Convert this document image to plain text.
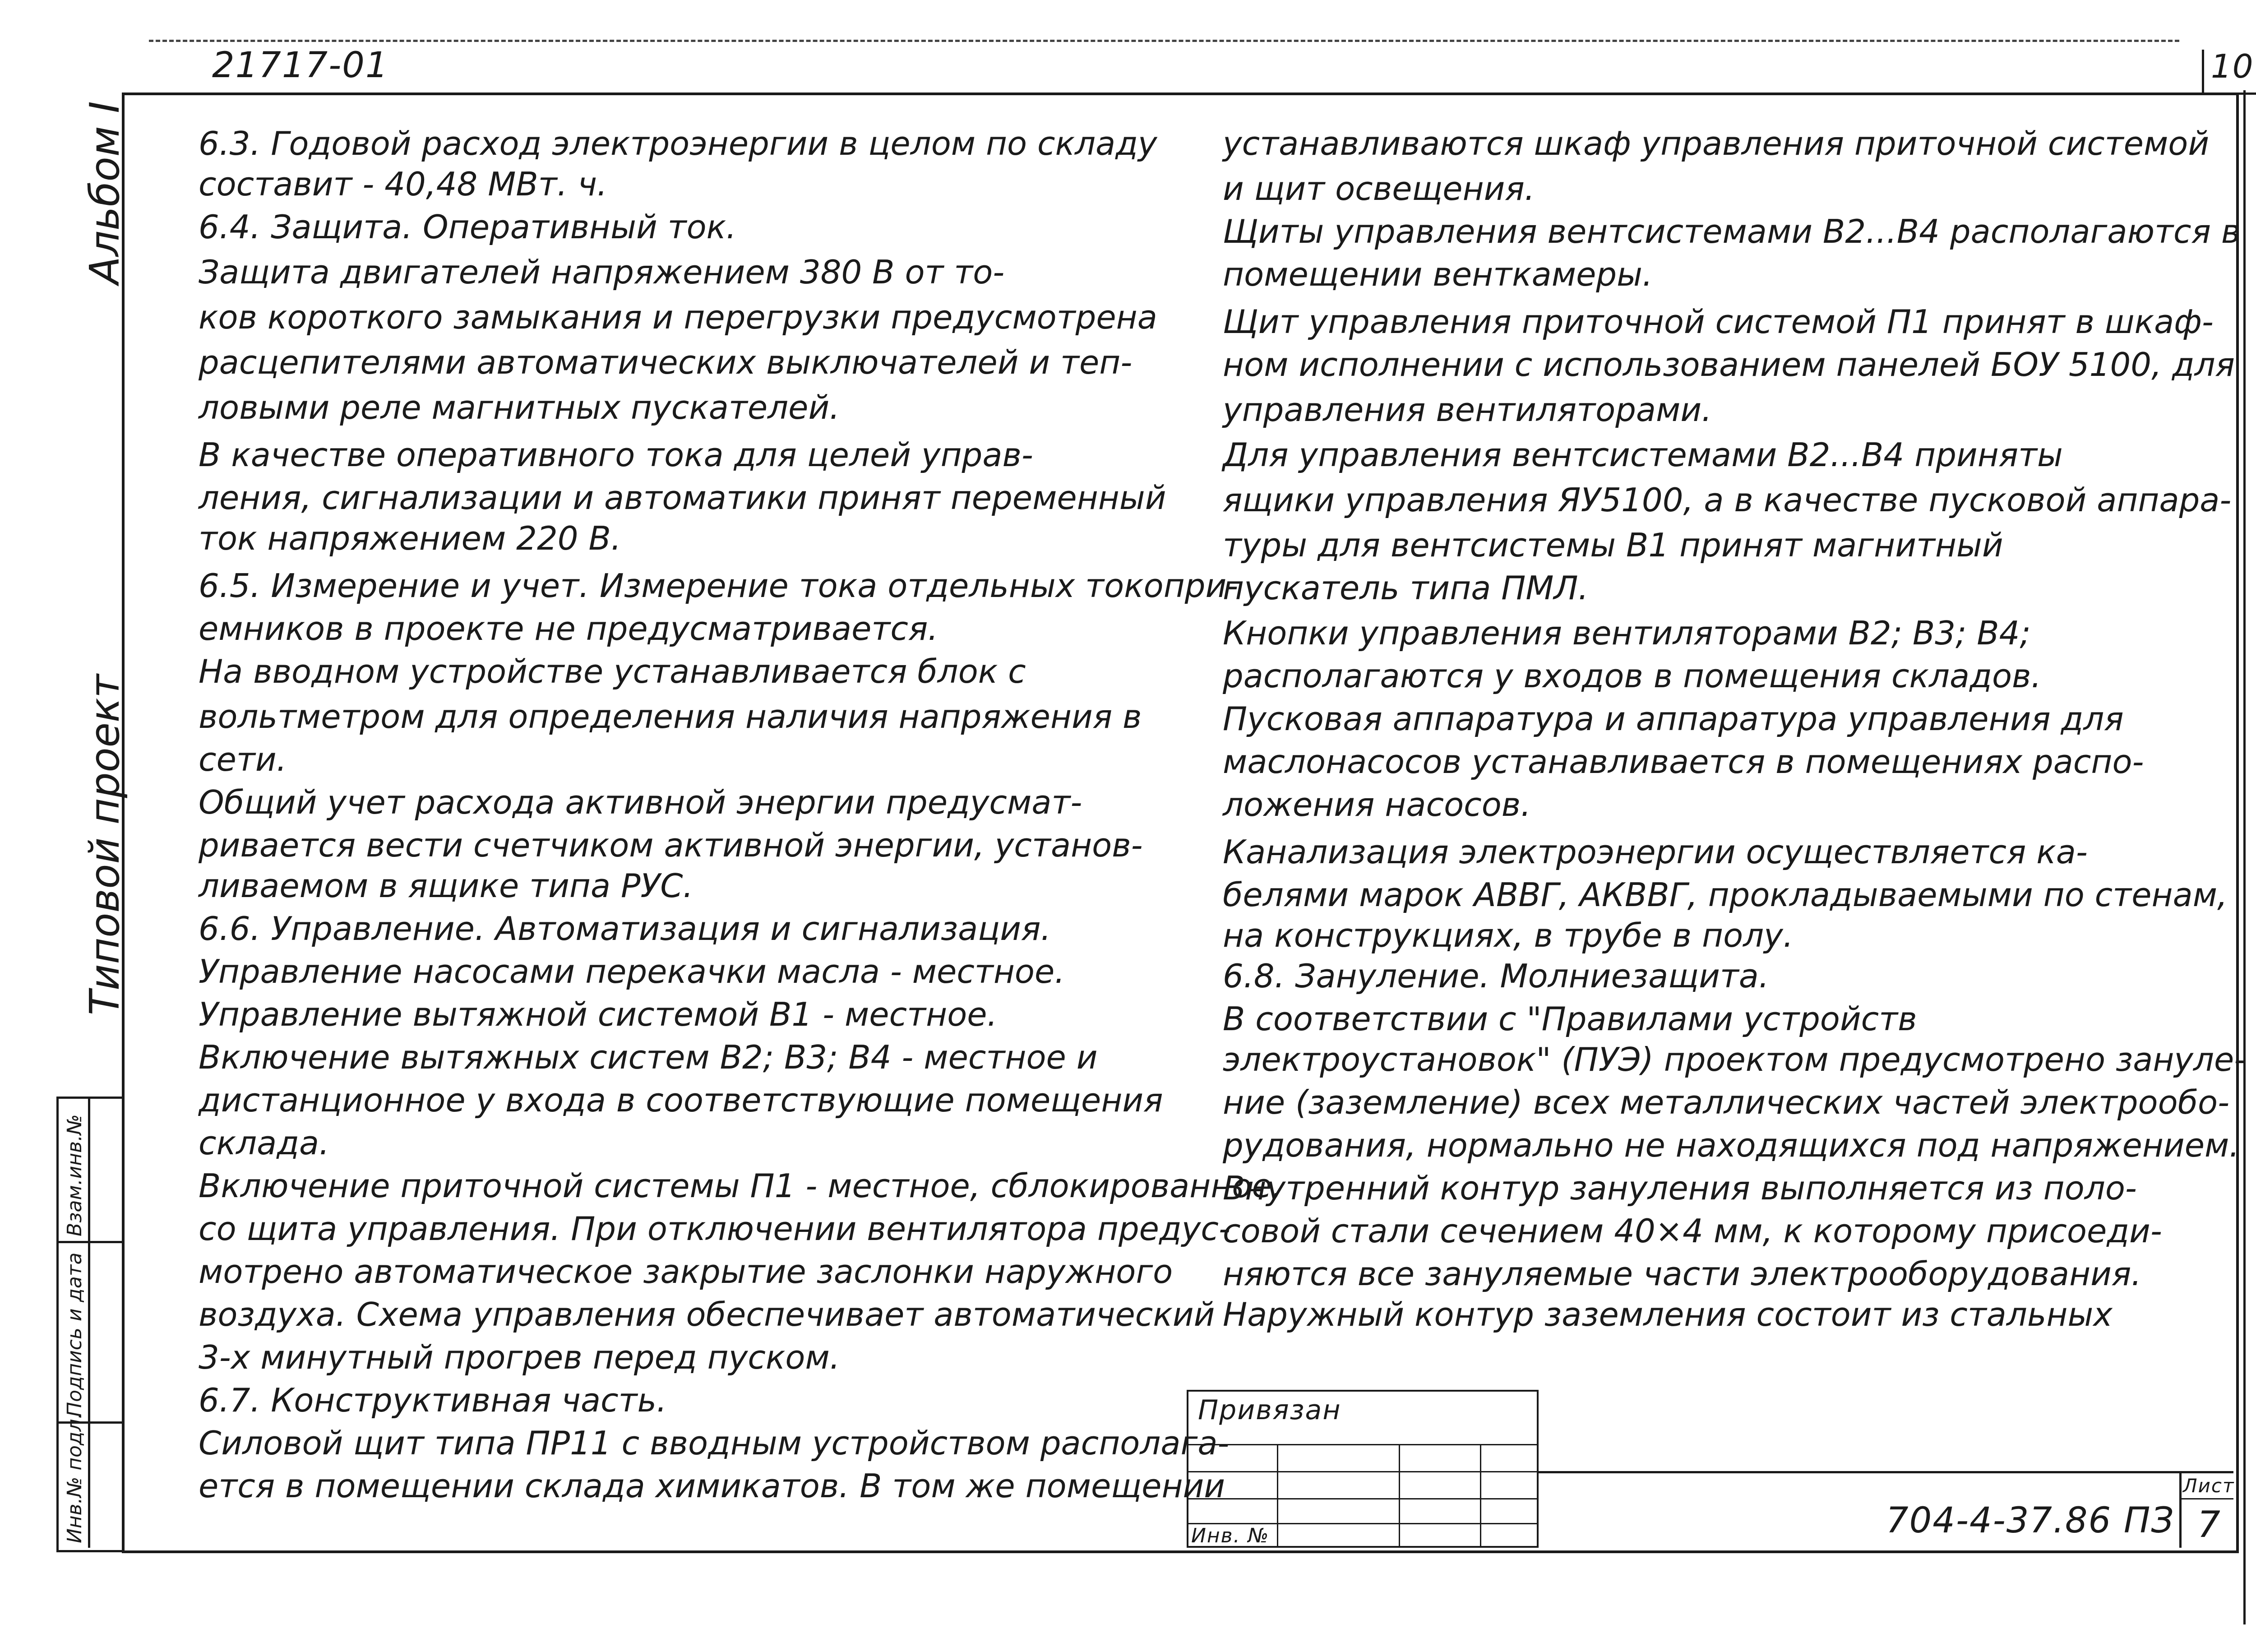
21717-01	10
Взам.инв.№
Подпись и дата
Инв.№ подл.
Альбом I
Типовой проект
6.3. Годовой расход электроэнергии в целом по складу
составит - 40,48 МВт. ч.
6.4. Защита. Оперативный ток.
Защита двигателей напряжением 380 В от то-
ков короткого замыкания и перегрузки предусмотрена
расцепителями автоматических выключателей и теп-
ловыми реле магнитных пускателей.
В качестве оперативного тока для целей управ-
ления, сигнализации и автоматики принят переменный
ток напряжением 220 В.
6.5. Измерение и учет. Измерение тока отдельных токопри-
емников в проекте не предусматривается.
На вводном устройстве устанавливается блок с
вольтметром для определения наличия напряжения в
сети.
Общий учет расхода активной энергии предусмат-
ривается вести счетчиком активной энергии, установ-
ливаемом в ящике типа РУС.
6.6. Управление. Автоматизация и сигнализация.
Управление насосами перекачки масла - местное.
Управление вытяжной системой В1 - местное.
Включение вытяжных систем В2; В3; В4 - местное и
дистанционное у входа в соответствующие помещения
склада.
Включение приточной системы П1 - местное, сблокированное,
со щита управления. При отключении вентилятора предус-
мотрено автоматическое закрытие заслонки наружного
воздуха. Схема управления обеспечивает автоматический
3-х минутный прогрев перед пуском.
6.7. Конструктивная часть.
Силовой щит типа ПР11 с вводным устройством располага-
ется в помещении склада химикатов. В том же помещении
устанавливаются шкаф управления приточной системой
и щит освещения.
Щиты управления вентсистемами В2...В4 располагаются в
помещении венткамеры.
Щит управления приточной системой П1 принят в шкаф-
ном исполнении с использованием панелей БОУ 5100, для
управления вентиляторами.
Для управления вентсистемами В2...В4 приняты
ящики управления ЯУ5100, а в качестве пусковой аппара-
туры для вентсистемы В1 принят магнитный
пускатель типа ПМЛ.
Кнопки управления вентиляторами В2; В3; В4;
располагаются у входов в помещения складов.
Пусковая аппаратура и аппаратура управления для
маслонасосов устанавливается в помещениях распо-
ложения насосов.
Канализация электроэнергии осуществляется ка-
белями марок АВВГ, АКВВГ, прокладываемыми по стенам,
на конструкциях, в трубе в полу.
6.8. Зануление. Молниезащита.
В соответствии с "Правилами устройств
электроустановок" (ПУЭ) проектом предусмотрено зануле-
ние (заземление) всех металлических частей электрообо-
рудования, нормально не находящихся под напряжением.
Внутренний контур зануления выполняется из поло-
совой стали сечением 40×4 мм, к которому присоеди-
няются все зануляемые части электрооборудования.
Наружный контур заземления состоит из стальных
Привязан
Инв. №	704-4-37.86 ПЗ
Лист
7
